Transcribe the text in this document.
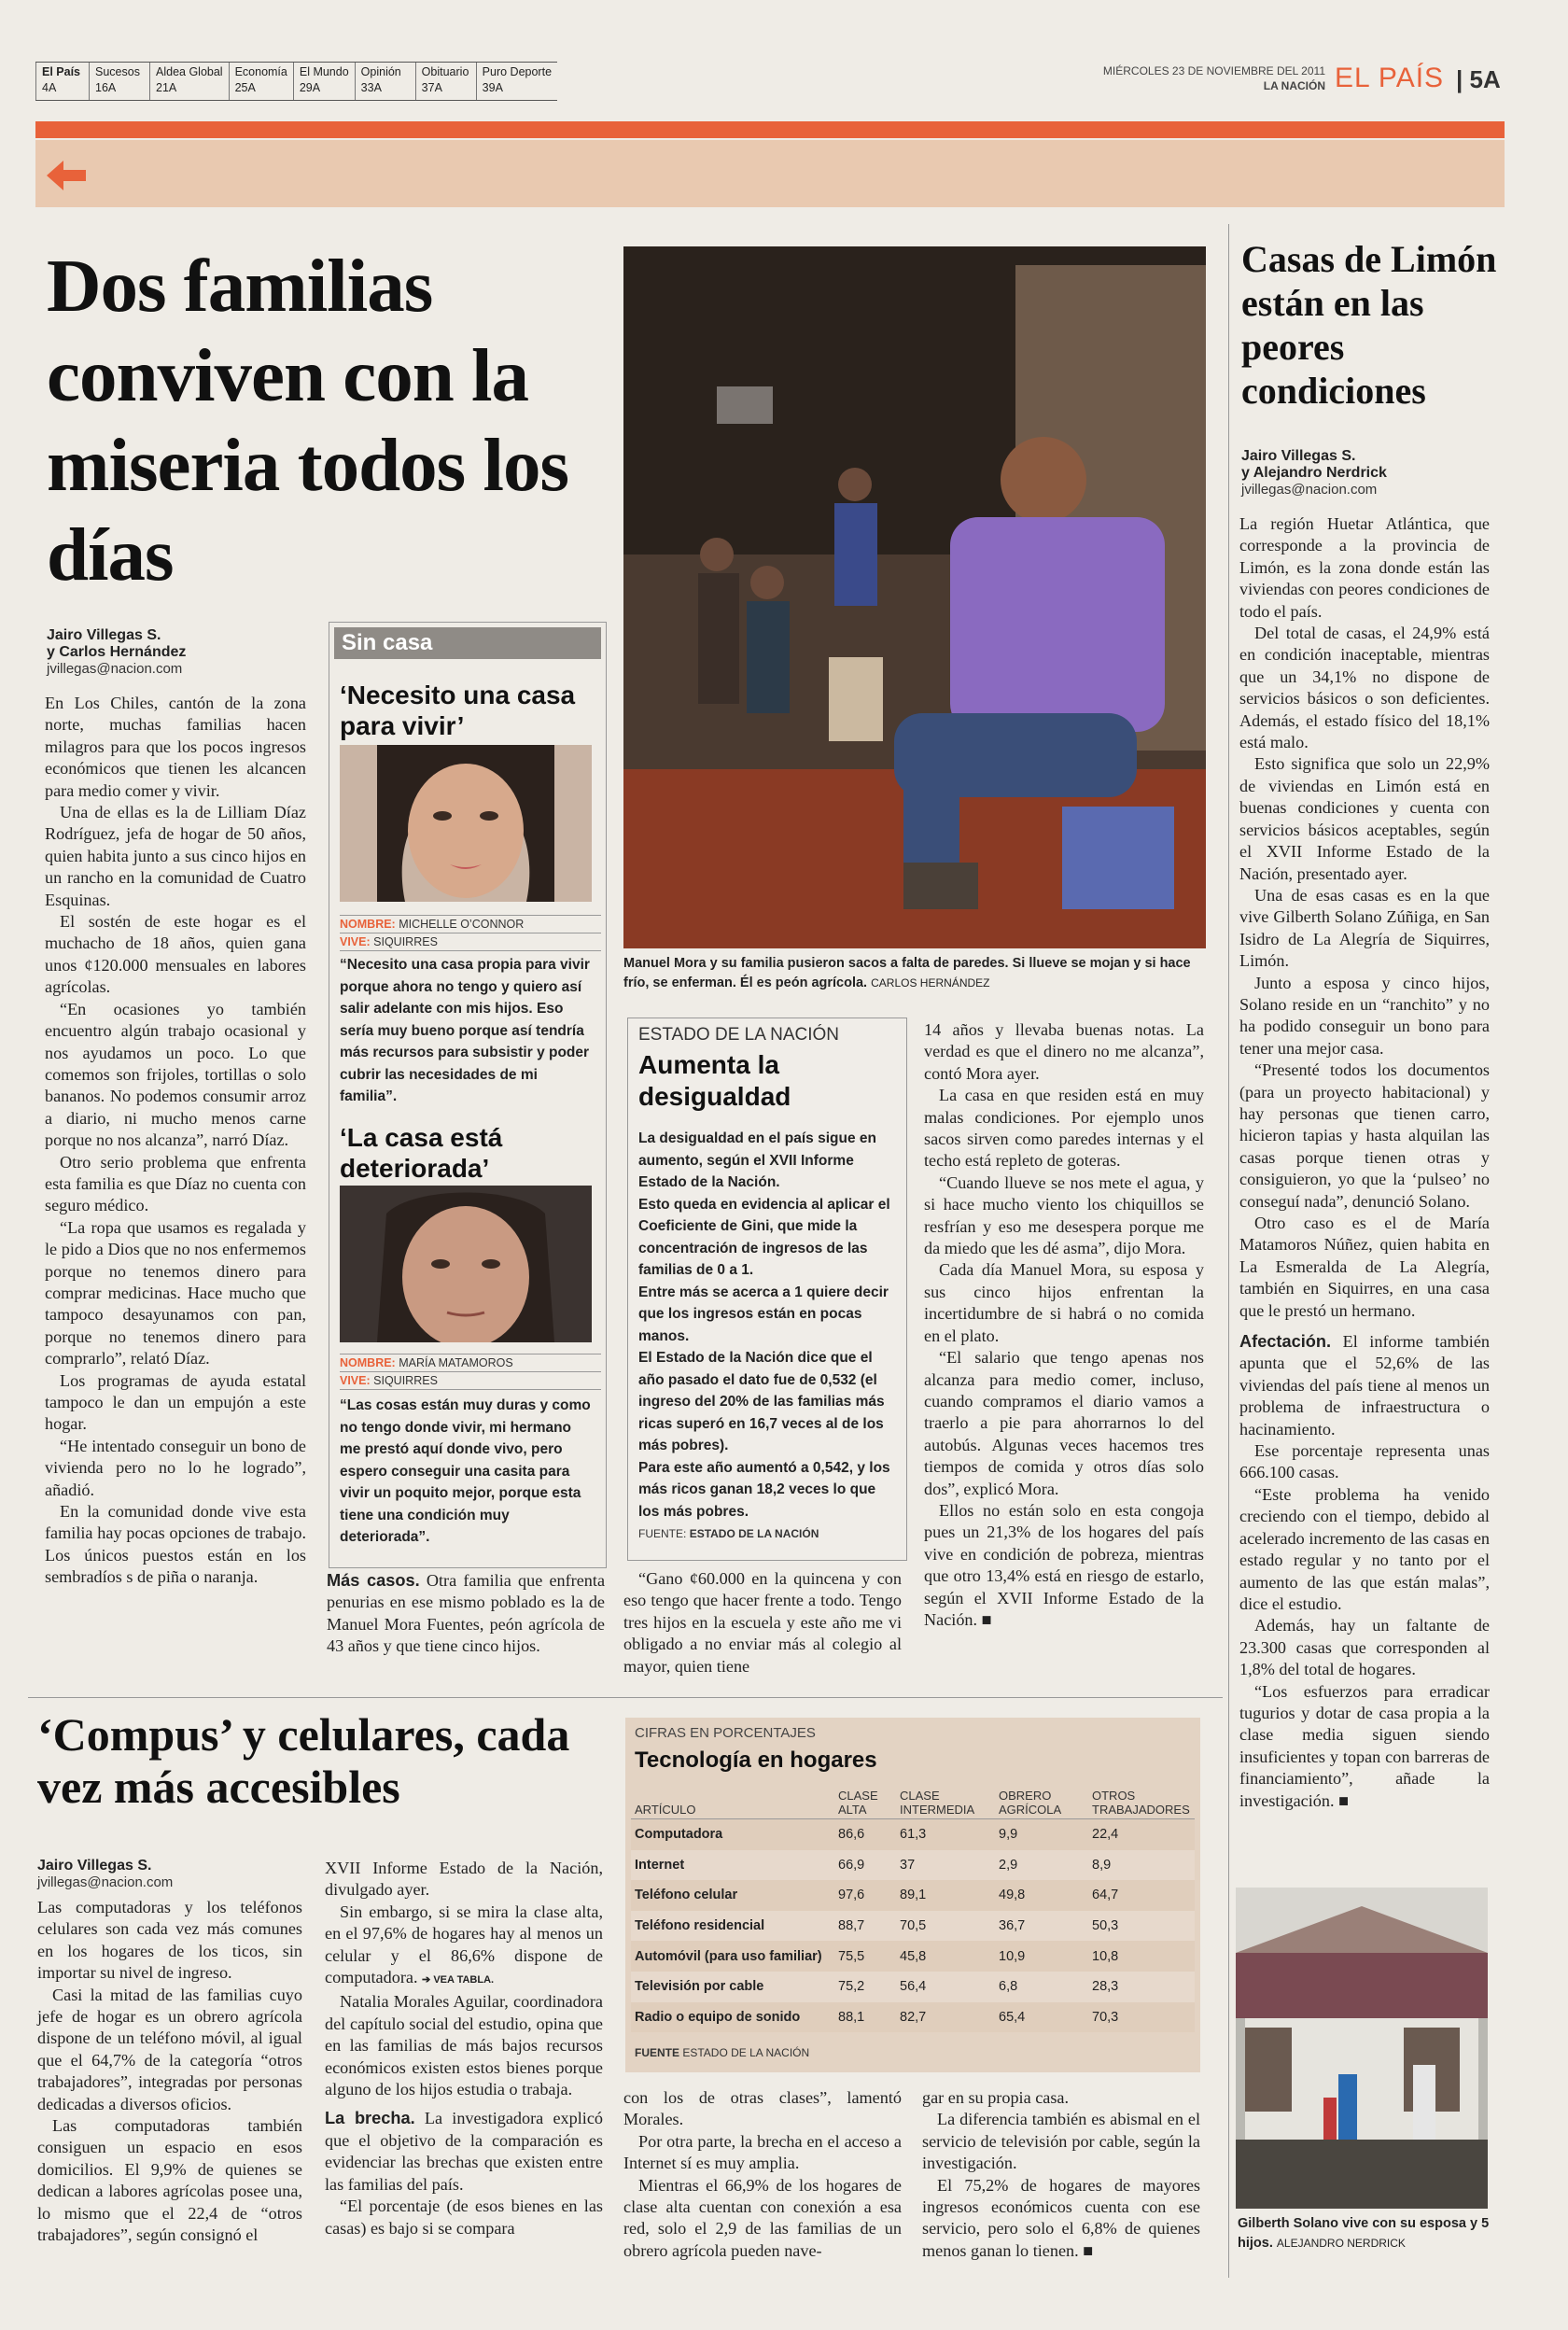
El País
4A
Sucesos
16A
Aldea Global
21A
Economía
25A
El Mundo
29A
Opinión
33A
Obituario
37A
Puro Deporte
39A
MIÉRCOLES 23 DE NOVIEMBRE DEL 2011
LA NACIÓN EL PAÍS | 5A
Dos familias conviven con la miseria todos los días
Jairo Villegas S.
y Carlos Hernández
jvillegas@nacion.com

En Los Chiles, cantón de la zona norte, muchas familias hacen milagros para que los pocos ingresos económicos que tienen les alcancen para medio comer y vivir.

Una de ellas es la de Lilliam Díaz Rodríguez, jefa de hogar de 50 años, quien habita junto a sus cinco hijos en un rancho en la comunidad de Cuatro Esquinas.

El sostén de este hogar es el muchacho de 18 años, quien gana unos ¢120.000 mensuales en labores agrícolas.

“En ocasiones yo también encuentro algún trabajo ocasional y nos ayudamos un poco. Lo que comemos son frijoles, tortillas o solo bananos. No podemos consumir arroz a diario, ni mucho menos carne porque no nos alcanza”, narró Díaz.

Otro serio problema que enfrenta esta familia es que Díaz no cuenta con seguro médico.

“La ropa que usamos es regalada y le pido a Dios que no nos enfermemos porque no tenemos dinero para comprar medicinas. Hace mucho que tampoco desayunamos con pan, porque no tenemos dinero para comprarlo”, relató Díaz.

Los programas de ayuda estatal tampoco le dan un empujón a este hogar.

“He intentado conseguir un bono de vivienda pero no lo he logrado”, añadió.

En la comunidad donde vive esta familia hay pocas opciones de trabajo. Los únicos puestos están en los sembradíos s de piña o naranja.

Sin casa
‘Necesito una casa para vivir’
NOMBRE: MICHELLE O’CONNOR
VIVE: SIQUIRRES
“Necesito una casa propia para vivir porque ahora no tengo y quiero así salir adelante con mis hijos. Eso sería muy bueno porque así tendría más recursos para subsistir y poder cubrir las necesidades de mi familia”.
‘La casa está deteriorada’
NOMBRE: MARÍA MATAMOROS
VIVE: SIQUIRRES
“Las cosas están muy duras y como no tengo donde vivir, mi hermano me prestó aquí donde vivo, pero espero conseguir una casita para vivir un poquito mejor, porque esta tiene una condición muy deteriorada”.

Más casos. Otra familia que enfrenta penurias en ese mismo poblado es la de Manuel Mora Fuentes, peón agrícola de 43 años y que tiene cinco hijos.

Manuel Mora y su familia pusieron sacos a falta de paredes. Si llueve se mojan y si hace frío, se enferman. Él es peón agrícola. CARLOS HERNÁNDEZ
ESTADO DE LA NACIÓN
Aumenta la desigualdad

La desigualdad en el país sigue en aumento, según el XVII Informe Estado de la Nación.

Esto queda en evidencia al aplicar el Coeficiente de Gini, que mide la concentración de ingresos de las familias de 0 a 1.

Entre más se acerca a 1 quiere decir que los ingresos están en pocas manos.

El Estado de la Nación dice que el año pasado el dato fue de 0,532 (el ingreso del 20% de las familias más ricas superó en 16,7 veces al de los más pobres).

Para este año aumentó a 0,542, y los más ricos ganan 18,2 veces lo que los más pobres.

FUENTE: ESTADO DE LA NACIÓN

“Gano ¢60.000 en la quincena y con eso tengo que hacer frente a todo. Tengo tres hijos en la escuela y este año me vi obligado a no enviar más al colegio al mayor, quien tiene

14 años y llevaba buenas notas. La verdad es que el dinero no me alcanza”, contó Mora ayer.

La casa en que residen está en muy malas condiciones. Por ejemplo unos sacos sirven como paredes internas y el techo está repleto de goteras.

“Cuando llueve se nos mete el agua, y si hace mucho viento los chiquillos se resfrían y eso me desespera porque me da miedo que les dé asma”, dijo Mora.

Cada día Manuel Mora, su esposa y sus cinco hijos enfrentan la incertidumbre de si habrá o no comida en el plato.

“El salario que tengo apenas nos alcanza para medio comer, incluso, cuando compramos el diario vamos a traerlo a pie para ahorrarnos lo del autobús. Algunas veces hacemos tres tiempos de comida y otros días solo dos”, explicó Mora.

Ellos no están solo en esta congoja pues un 21,3% de los hogares del país vive en condición de pobreza, mientras que otro 13,4% está en riesgo de estarlo, según el XVII Informe Estado de la Nación. ■

Casas de Limón están en las peores condiciones
Jairo Villegas S.
y Alejandro Nerdrick
jvillegas@nacion.com

La región Huetar Atlántica, que corresponde a la provincia de Limón, es la zona donde están las viviendas con peores condiciones de todo el país.

Del total de casas, el 24,9% está en condición inaceptable, mientras que un 34,1% no dispone de servicios básicos o son deficientes. Además, el estado físico del 18,1% está malo.

Esto significa que solo un 22,9% de viviendas en Limón está en buenas condiciones y cuenta con servicios básicos aceptables, según el XVII Informe Estado de la Nación, presentado ayer.

Una de esas casas es en la que vive Gilberth Solano Zúñiga, en San Isidro de La Alegría de Siquirres, Limón.

Junto a esposa y cinco hijos, Solano reside en un “ranchito” y no ha podido conseguir un bono para tener una mejor casa.

“Presenté todos los documentos (para un proyecto habitacional) y hay personas que tienen carro, hicieron tapias y hasta alquilan las casas porque tienen otras y consiguieron, yo que la ‘pulseo’ no conseguí nada”, denunció Solano.

Otro caso es el de María Matamoros Núñez, quien habita en La Esmeralda de La Alegría, también en Siquirres, en una casa que le prestó un hermano.

Afectación. El informe también apunta que el 52,6% de las viviendas del país tiene al menos un problema de infraestructura o hacinamiento.

Ese porcentaje representa unas 666.100 casas.

“Este problema ha venido creciendo con el tiempo, debido al acelerado incremento de las casas en estado regular y no tanto por el aumento de las que están malas”, dice el estudio.

Además, hay un faltante de 23.300 casas que corresponden al 1,8% del total de hogares.

“Los esfuerzos para erradicar tugurios y dotar de casa propia a la clase media siguen siendo insuficientes y topan con barreras de financiamiento”, añade la investigación. ■

Gilberth Solano vive con su esposa y 5 hijos. ALEJANDRO NERDRICK
‘Compus’ y celulares, cada vez más accesibles
Jairo Villegas S.
jvillegas@nacion.com

Las computadoras y los teléfonos celulares son cada vez más comunes en los hogares de los ticos, sin importar su nivel de ingreso.

Casi la mitad de las familias cuyo jefe de hogar es un obrero agrícola dispone de un teléfono móvil, al igual que el 64,7% de la categoría “otros trabajadores”, integradas por personas dedicadas a diversos oficios.

Las computadoras también consiguen un espacio en esos domicilios. El 9,9% de quienes se dedican a labores agrícolas posee una, lo mismo que el 22,4 de “otros trabajadores”, según consignó el

XVII Informe Estado de la Nación, divulgado ayer.

Sin embargo, si se mira la clase alta, en el 97,6% de hogares hay al menos un celular y el 86,6% dispone de computadora. ➔ VEA TABLA.

Natalia Morales Aguilar, coordinadora del capítulo social del estudio, opina que en las familias de más bajos recursos económicos existen estos bienes porque alguno de los hijos estudia o trabaja.

La brecha. La investigadora explicó que el objetivo de la comparación es evidenciar las brechas que existen entre las familias del país.

“El porcentaje (de esos bienes en las casas) es bajo si se compara

CIFRAS EN PORCENTAJES
Tecnología en hogares
ARTÍCULO	CLASE ALTA	CLASE INTERMEDIA	OBRERO AGRÍCOLA	OTROS TRABAJADORES
Computadora	86,6	61,3	9,9	22,4
Internet	66,9	37	2,9	8,9
Teléfono celular	97,6	89,1	49,8	64,7
Teléfono residencial	88,7	70,5	36,7	50,3
Automóvil (para uso familiar)	75,5	45,8	10,9	10,8
Televisión por cable	75,2	56,4	6,8	28,3
Radio o equipo de sonido	88,1	82,7	65,4	70,3
FUENTE ESTADO DE LA NACIÓN

con los de otras clases”, lamentó Morales.

Por otra parte, la brecha en el acceso a Internet sí es muy amplia.

Mientras el 66,9% de los hogares de clase alta cuentan con conexión a esa red, solo el 2,9 de las familias de un obrero agrícola pueden nave-

gar en su propia casa.

La diferencia también es abismal en el servicio de televisión por cable, según la investigación.

El 75,2% de hogares de mayores ingresos económicos cuenta con ese servicio, pero solo el 6,8% de quienes menos ganan lo tienen. ■
